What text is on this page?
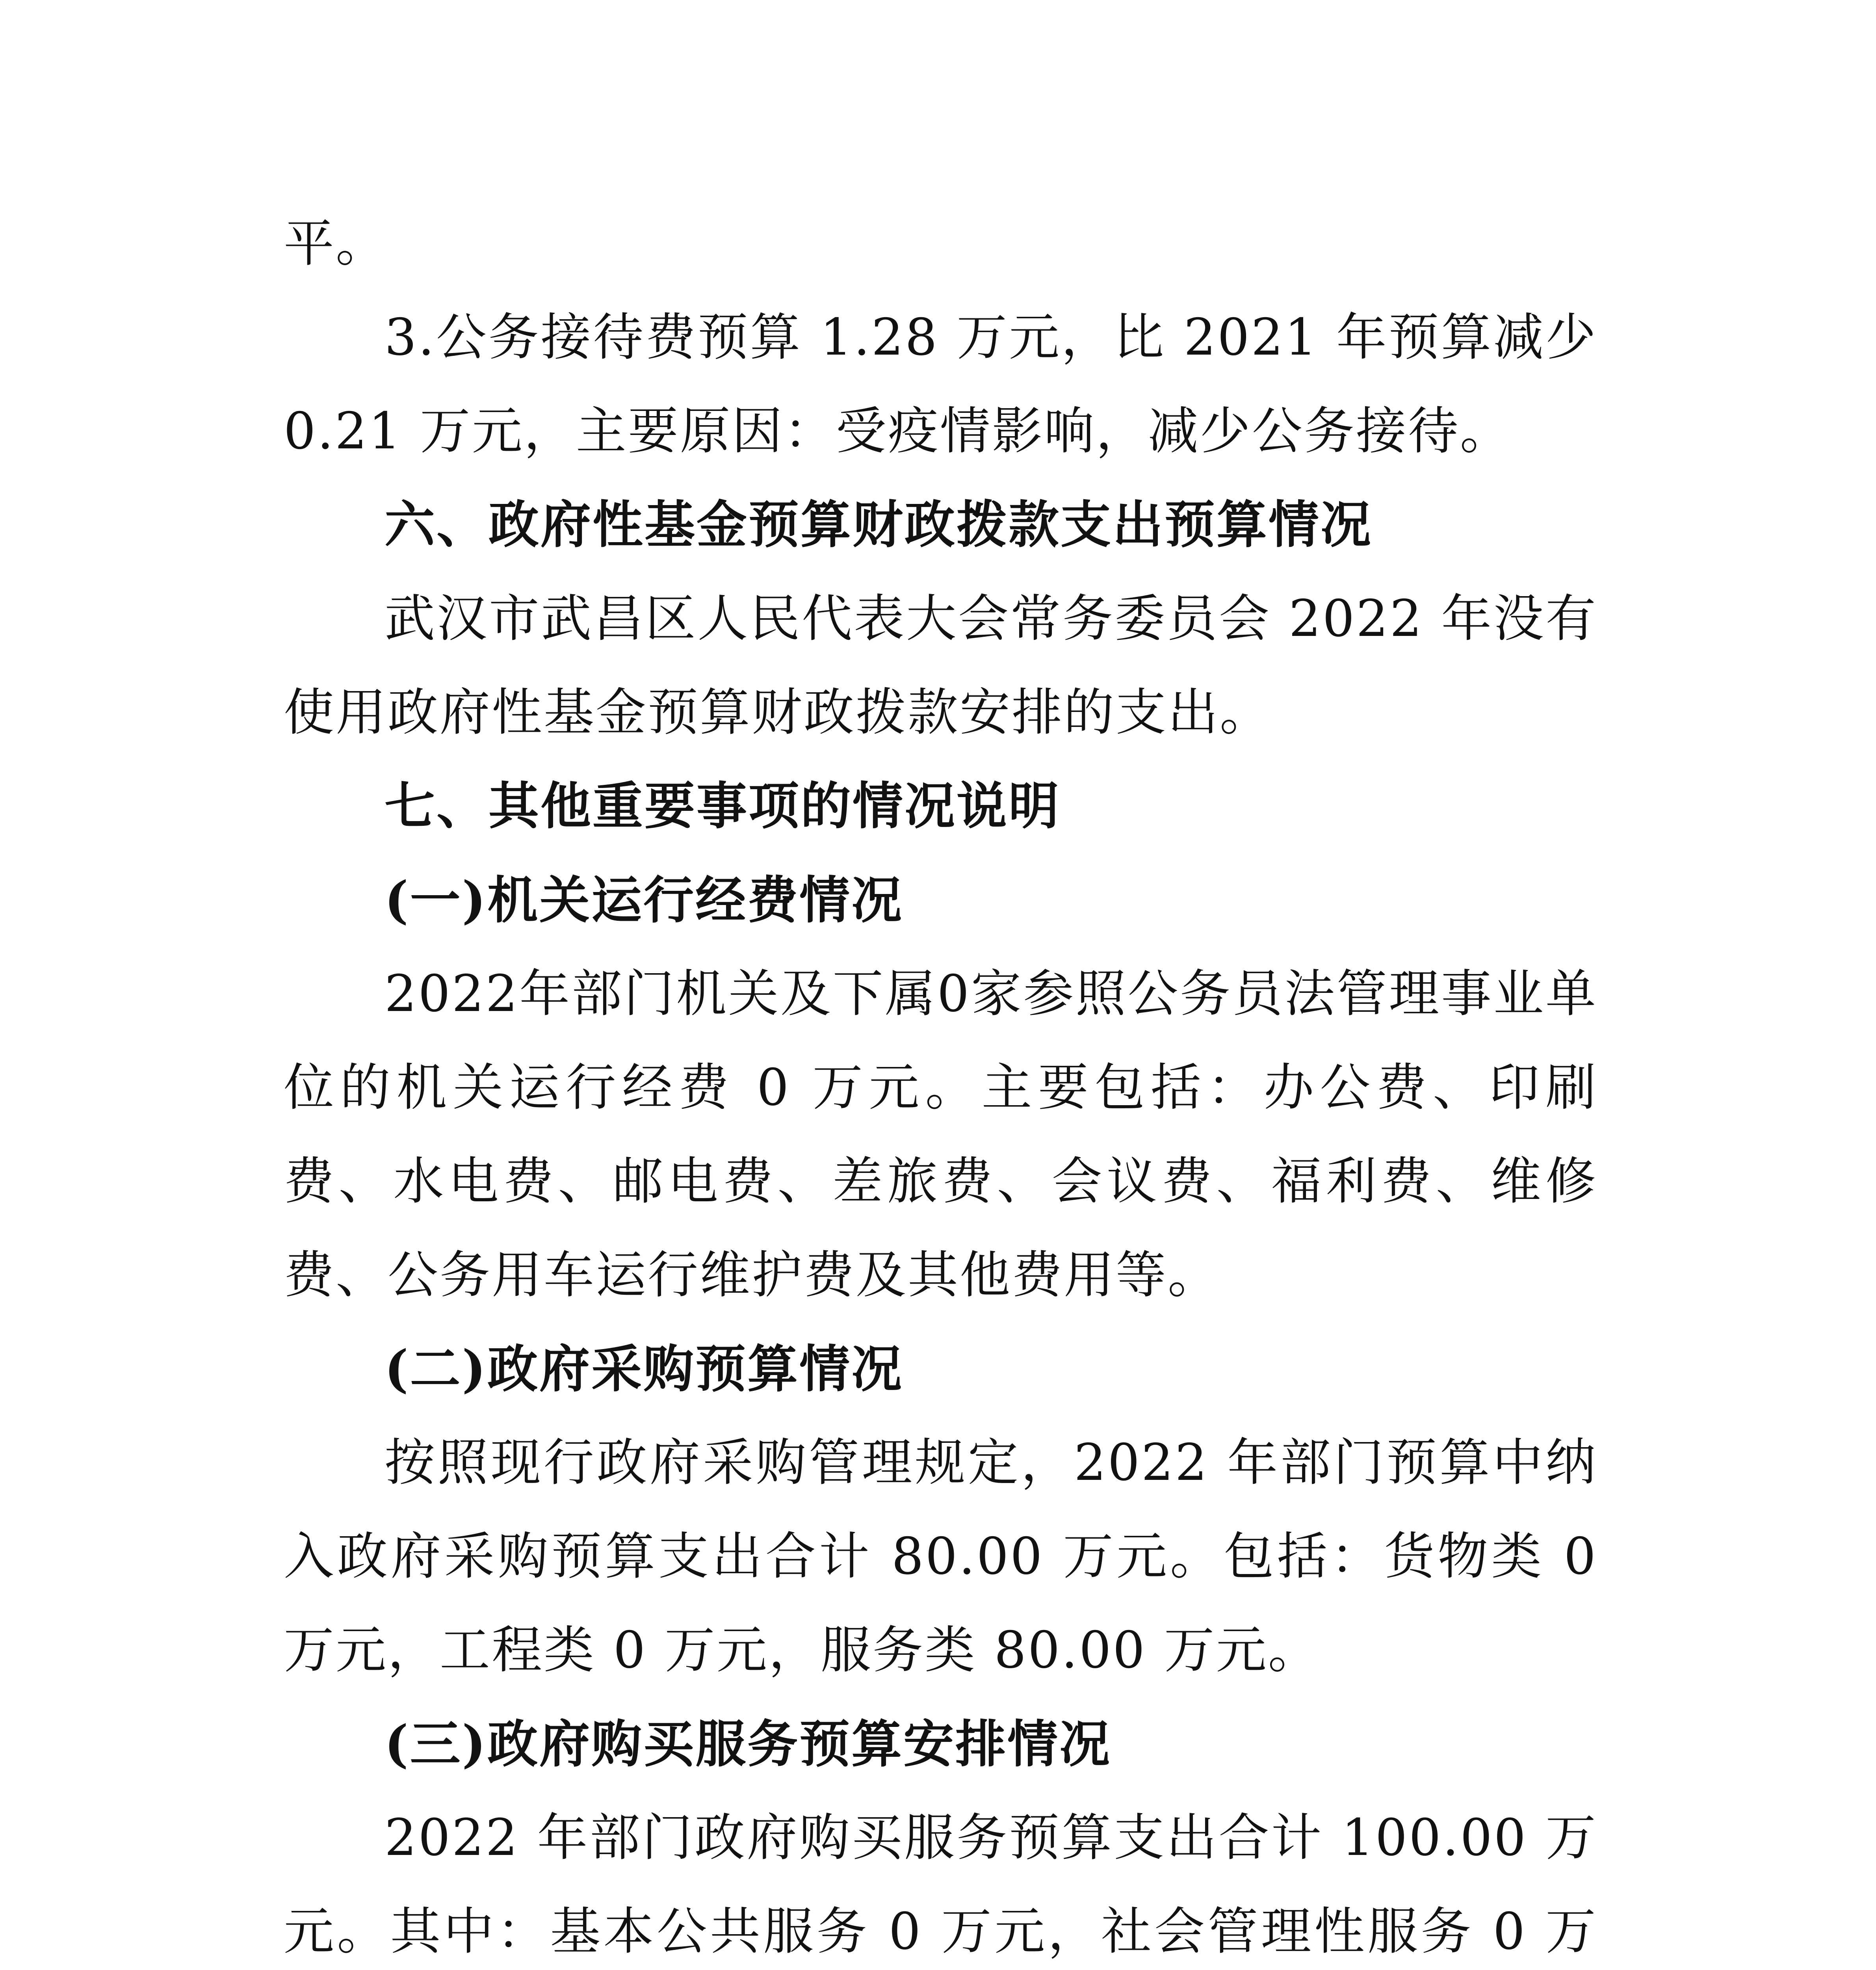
平。

3.公务接待费预算 1.28 万元，比 2021 年预算减少 0.21 万元，主要原因：受疫情影响，减少公务接待。

六、政府性基金预算财政拨款支出预算情况

武汉市武昌区人民代表大会常务委员会 2022 年没有使用政府性基金预算财政拨款安排的支出。

七、其他重要事项的情况说明

(一)机关运行经费情况

2022年部门机关及下属0家参照公务员法管理事业单位的机关运行经费 0 万元。主要包括：办公费、印刷费、水电费、邮电费、差旅费、会议费、福利费、维修费、公务用车运行维护费及其他费用等。

(二)政府采购预算情况

按照现行政府采购管理规定，2022 年部门预算中纳入政府采购预算支出合计 80.00 万元。包括：货物类 0 万元，工程类 0 万元，服务类 80.00 万元。

(三)政府购买服务预算安排情况

2022 年部门政府购买服务预算支出合计 100.00 万元。其中：基本公共服务 0 万元，社会管理性服务 0 万
